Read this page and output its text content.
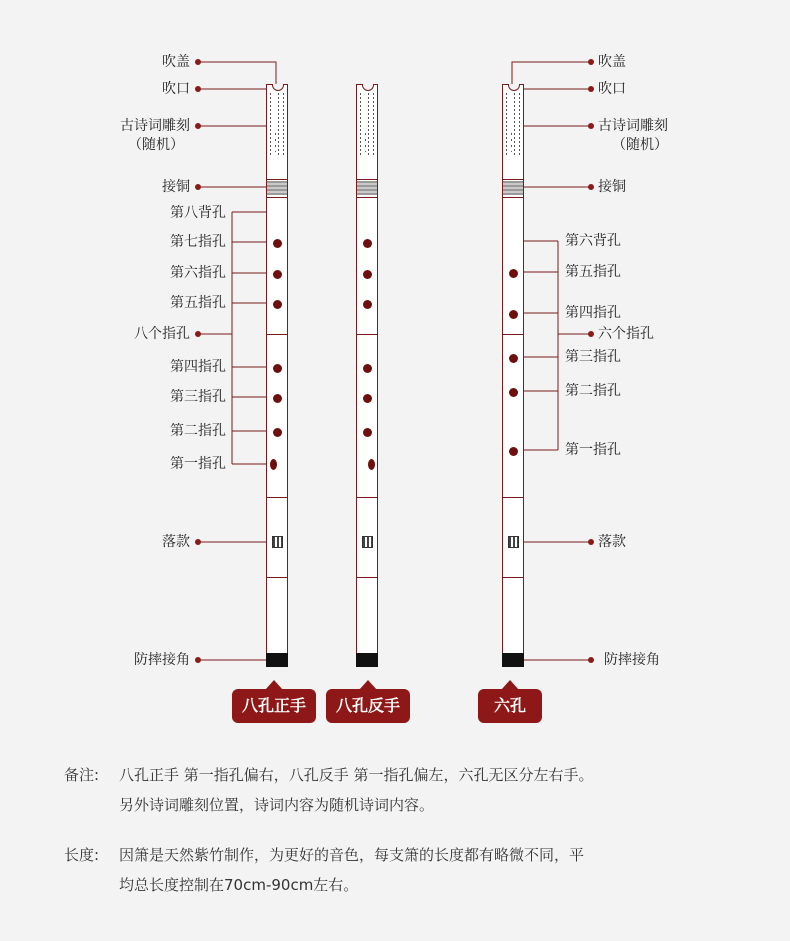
吹盖
吹口
古诗词雕刻
（随机）
接铜
第八背孔
第七指孔
第六指孔
第五指孔
八个指孔
第四指孔
第三指孔
第二指孔
第一指孔
落款
防摔接角
吹盖
吹口
古诗词雕刻
（随机）
接铜
第六背孔
第五指孔
第四指孔
六个指孔
第三指孔
第二指孔
第一指孔
落款
防摔接角
八孔正手	八孔反手	六孔
备注: 八孔正手 第一指孔偏右，八孔反手 第一指孔偏左，六孔无区分左右手。
另外诗词雕刻位置，诗词内容为随机诗词内容。
长度: 因箫是天然紫竹制作，为更好的音色，每支箫的长度都有略微不同，平
均总长度控制在70cm-90cm左右。
